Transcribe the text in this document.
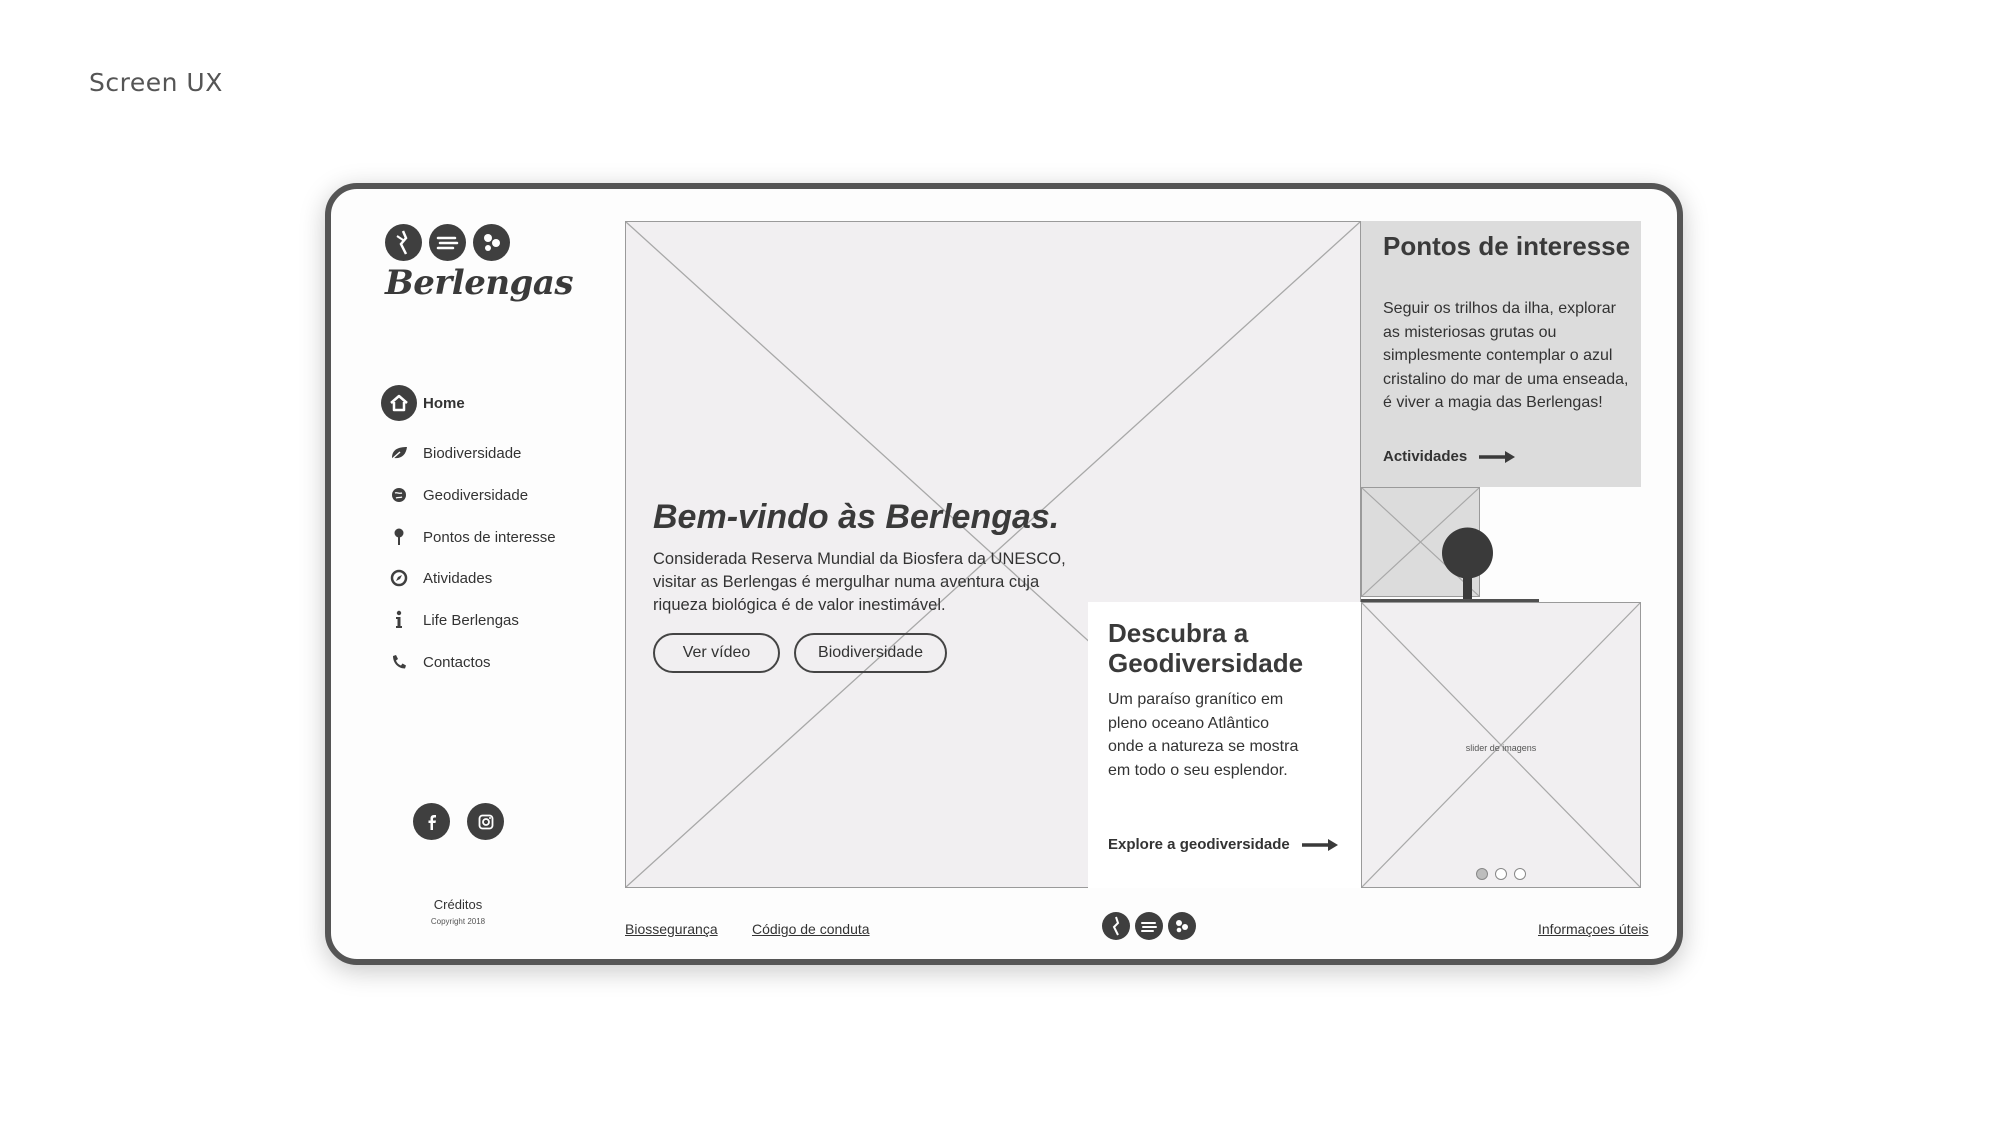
Screen UX
Berlengas
Home
Biodiversidade
Geodiversidade
Pontos de interesse
Atividades
Life Berlengas
Contactos
Créditos
Copyright 2018
Bem-vindo às Berlengas.
Considerada Reserva Mundial da Biosfera da UNESCO, visitar as Berlengas é mergulhar numa aventura cuja riqueza biológica é de valor inestimável.
Ver vídeo	Biodiversidade
Pontos de interesse

Seguir os trilhos da ilha, explorar as misteriosas grutas ou simplesmente contemplar o azul cristalino do mar de uma enseada, é viver a magia das Berlengas!

Actividades
Descubra a Geodiversidade

Um paraíso granítico em pleno oceano Atlântico onde a natureza se mostra em todo o seu esplendor.

Explore a geodiversidade
slider de imagens
Biossegurança Código de conduta	Informaçoes úteis
